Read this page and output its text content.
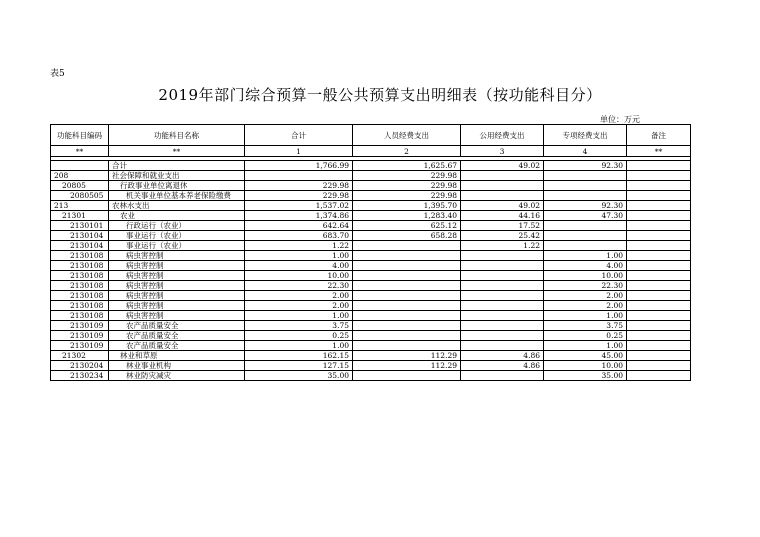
表5
2019年部门综合预算一般公共预算支出明细表（按功能科目分）
单位：万元
功能科目编码	功能科目名称	合计	人员经费支出	公用经费支出	专项经费支出	备注
**	**	1	2	3	4	**

	合计	1,766.99	1,625.67	49.02	92.30	
208	社会保障和就业支出		229.98			
20805	行政事业单位离退休	229.98	229.98			
2080505	机关事业单位基本养老保险缴费	229.98	229.98			
213	农林水支出	1,537.02	1,395.70	49.02	92.30	
21301	农业	1,374.86	1,283.40	44.16	47.30	
2130101	行政运行（农业）	642.64	625.12	17.52		
2130104	事业运行（农业）	683.70	658.28	25.42		
2130104	事业运行（农业）	1.22		1.22		
2130108	病虫害控制	1.00			1.00	
2130108	病虫害控制	4.00			4.00	
2130108	病虫害控制	10.00			10.00	
2130108	病虫害控制	22.30			22.30	
2130108	病虫害控制	2.00			2.00	
2130108	病虫害控制	2.00			2.00	
2130108	病虫害控制	1.00			1.00	
2130109	农产品质量安全	3.75			3.75	
2130109	农产品质量安全	0.25			0.25	
2130109	农产品质量安全	1.00			1.00	
21302	林业和草原	162.15	112.29	4.86	45.00	
2130204	林业事业机构	127.15	112.29	4.86	10.00	
2130234	林业防灾减灾	35.00			35.00	
